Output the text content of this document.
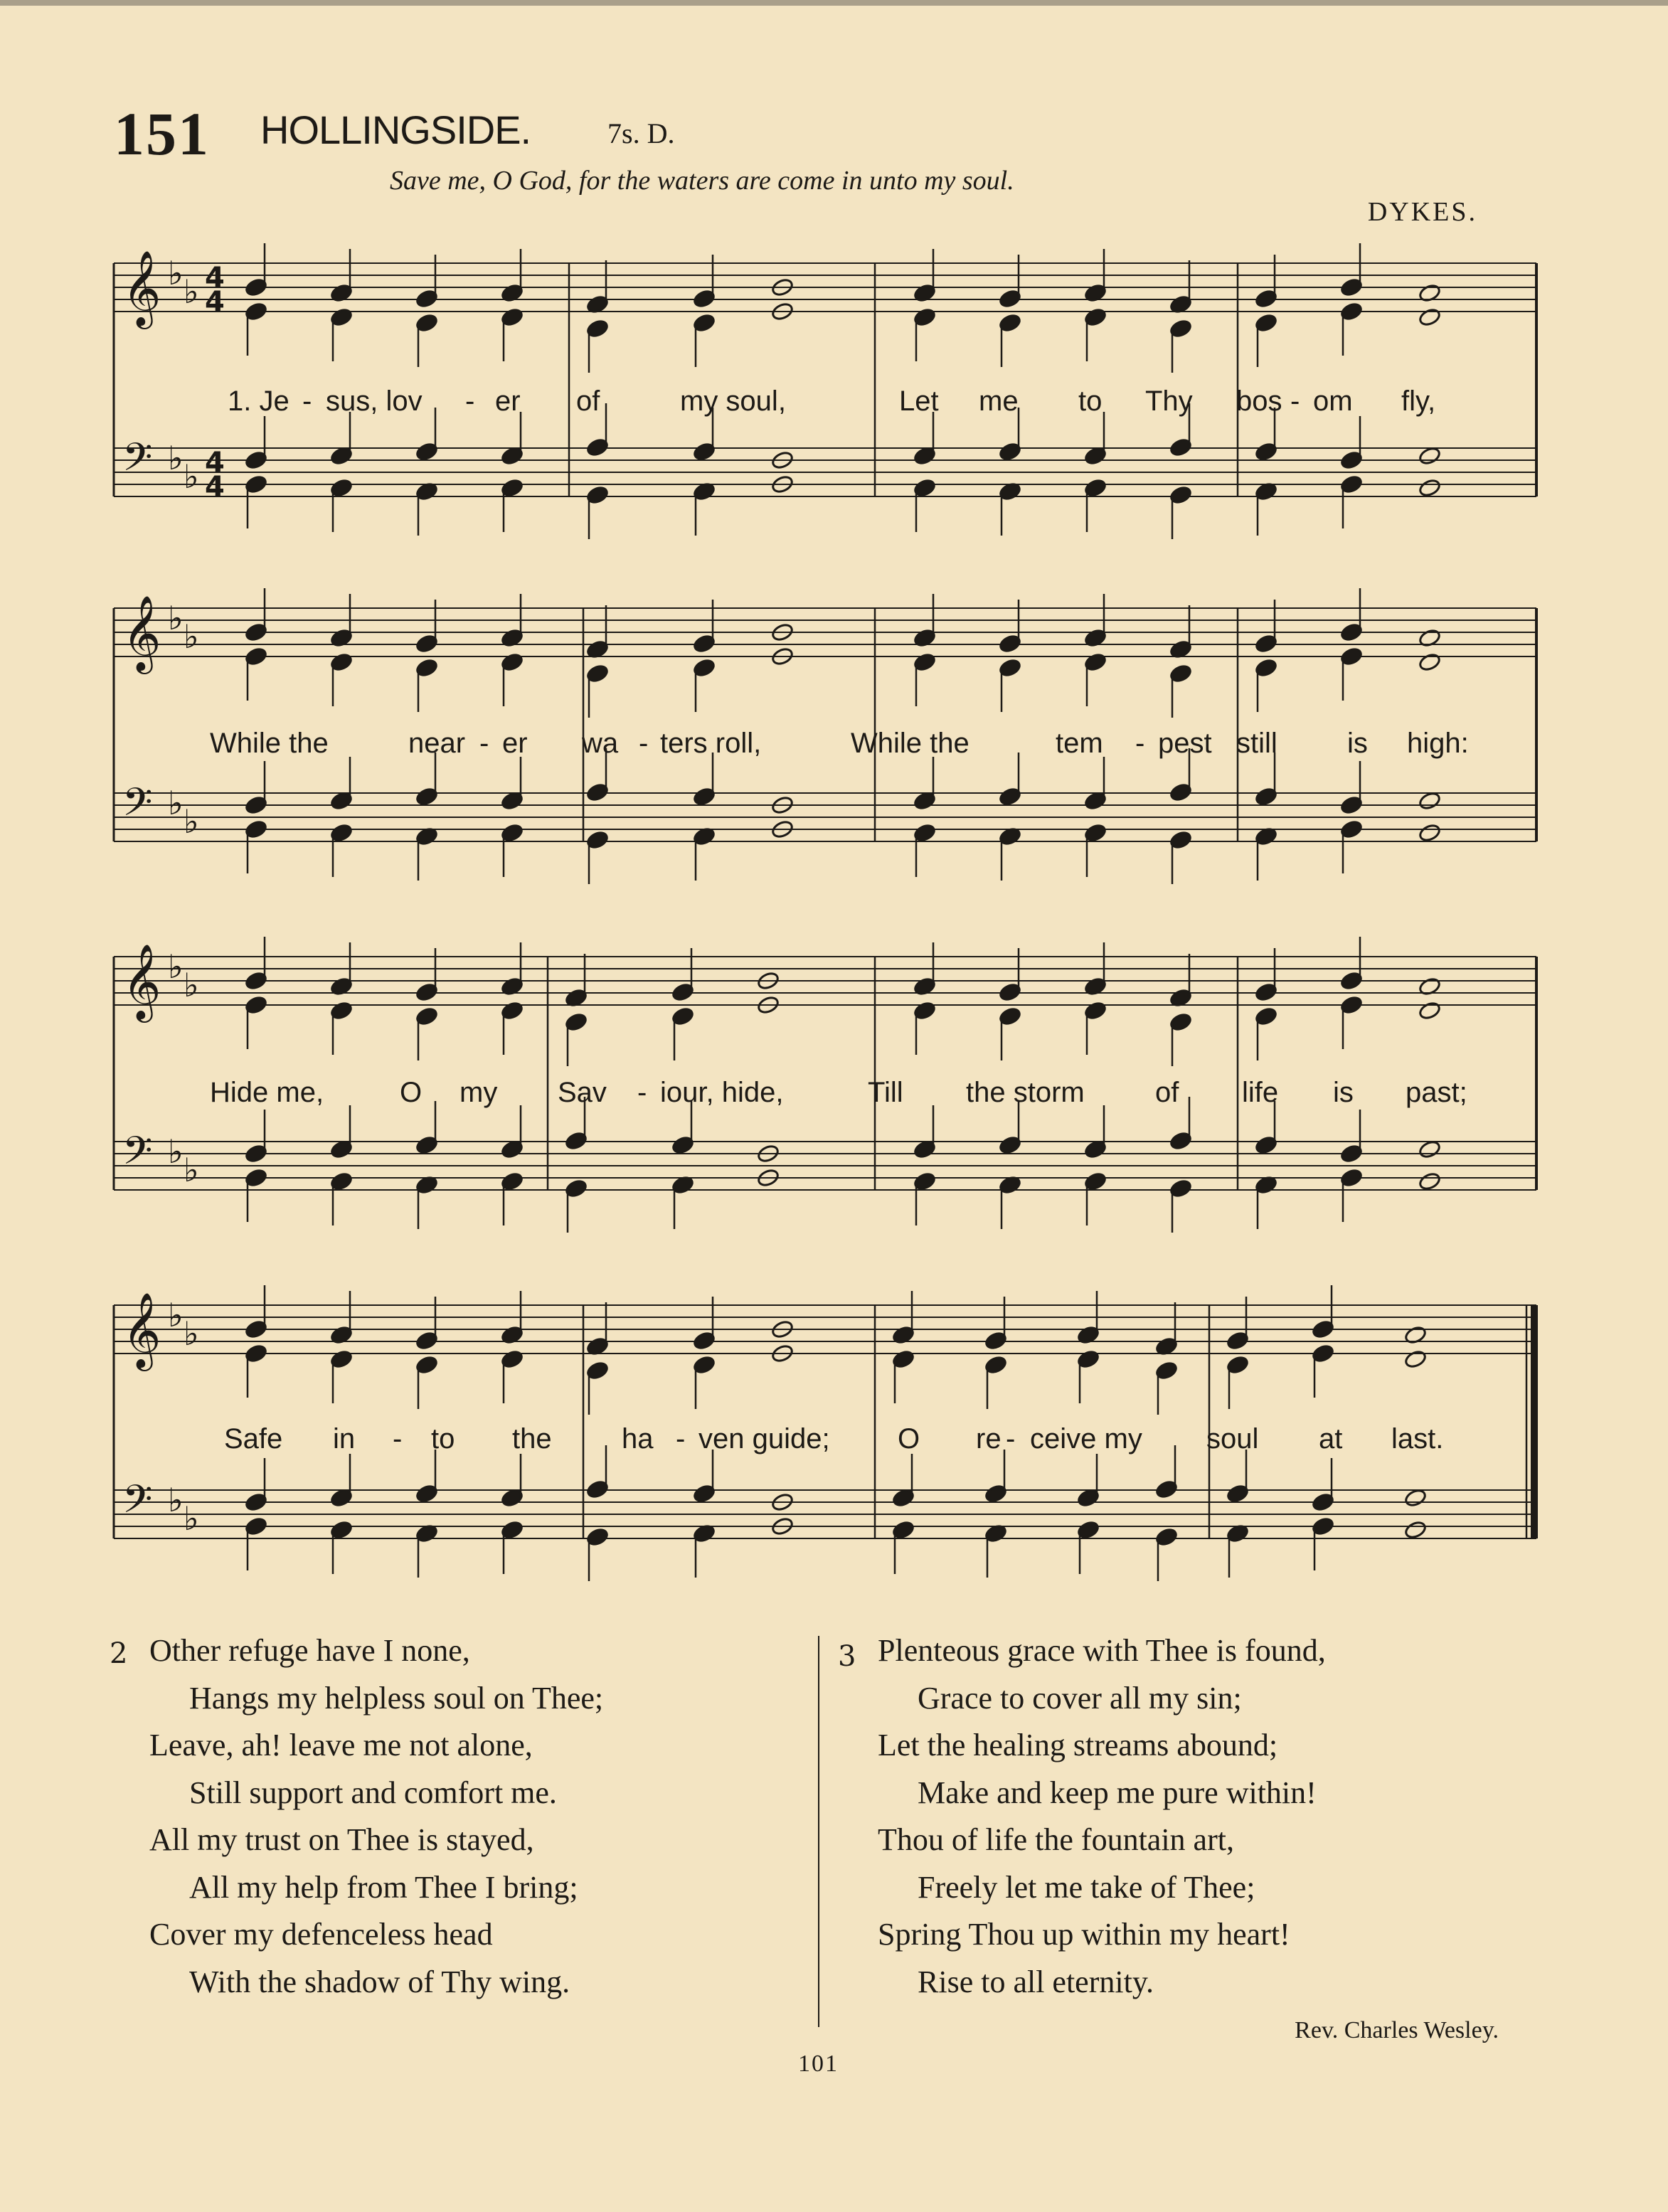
151 HOLLINGSIDE.	7s. D.
Save me, O God, for the waters are come in unto my soul.
DYKES.
𝄞 ♭ ♭ 4
4
𝄢 ♭ ♭ 4
4
1. Je - sus, lov - er of	my soul,	Let me to Thy bos - om fly,
𝄞 ♭ ♭
𝄢 ♭ ♭
While the	near - er wa - ters roll,	While the	tem - pest still is high:
𝄞 ♭ ♭
𝄢 ♭ ♭
Hide me,	O my Sav - iour, hide,	Till the storm of life is past;
𝄞 ♭ ♭
𝄢 ♭ ♭
Safe in - to the ha - ven guide; O re - ceive my soul at last.
2 Other refuge have I none,
Hangs my helpless soul on Thee;
Leave, ah! leave me not alone,
Still support and comfort me.
All my trust on Thee is stayed,
All my help from Thee I bring;
Cover my defenceless head
With the shadow of Thy wing.
3 Plenteous grace with Thee is found,
Grace to cover all my sin;
Let the healing streams abound;
Make and keep me pure within!
Thou of life the fountain art,
Freely let me take of Thee;
Spring Thou up within my heart!
Rise to all eternity.
Rev. Charles Wesley.
101
